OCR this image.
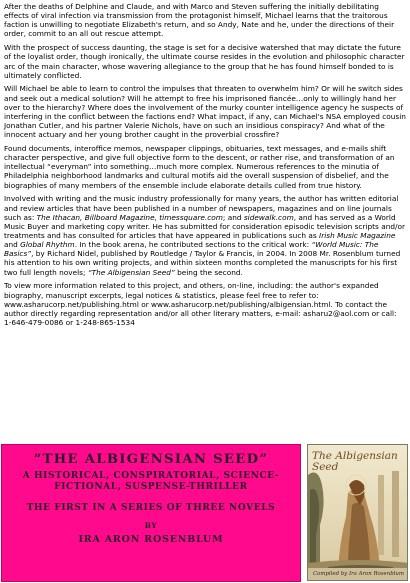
After the deaths of Delphine and Claude, and with Marco and Steven suffering the initially debilitating effects of viral infection via transmission from the protagonist himself, Michael learns that the traitorous faction is unwilling to negotiate Elizabeth's return, and so Andy, Nate and he, under the directions of their order, commit to an all out rescue attempt.

With the prospect of success daunting, the stage is set for a decisive watershed that may dictate the future of the loyalist order, though ironically, the ultimate course resides in the evolution and philosophic character arc of the main character, whose wavering allegiance to the group that he has found himself bonded to is ultimately conflicted.

Will Michael be able to learn to control the impulses that threaten to overwhelm him? Or will he switch sides and seek out a medical solution? Will he attempt to free his imprisoned fiancée…only to willingly hand her over to the hierarchy? Where does the involvement of the murky counter intelligence agency he suspects of interfering in the conflict between the factions end? What impact, if any, can Michael's NSA employed cousin Jonathan Cutler, and his partner Valerie Nichols, have on such an insidious conspiracy? And what of the innocent actuary and her young brother caught in the proverbial crossfire?

Found documents, interoffice memos, newspaper clippings, obituaries, text messages, and e-mails shift character perspective, and give full objective form to the descent, or rather rise, and transformation of an intellectual “everyman” into something…much more complex. Numerous references to the minutia of Philadelphia neighborhood landmarks and cultural motifs aid the overall suspension of disbelief, and the biographies of many members of the ensemble include elaborate details culled from true history.

Involved with writing and the music industry professionally for many years, the author has written editorial and review articles that have been published in a number of newspapers, magazines and on line journals such as: The Ithacan, Billboard Magazine, timessquare.com; and sidewalk.com, and has served as a World Music Buyer and marketing copy writer. He has submitted for consideration episodic television scripts and/or treatments and has consulted for articles that have appeared in publications such as Irish Music Magazine and Global Rhythm. In the book arena, he contributed sections to the critical work: “World Music: The Basics”, by Richard Nidel, published by Routledge / Taylor & Francis, in 2004. In 2008 Mr. Rosenblum turned his attention to his own writing projects, and within sixteen months completed the manuscripts for his first two full length novels; “The Albigensian Seed” being the second.

To view more information related to this project, and others, on-line, including: the author's expanded biography, manuscript excerpts, legal notices & statistics, please feel free to refer to: www.asharucorp.net/publishing.html or www.asharucorp.net/publishing/albigensian.html. To contact the author directly regarding representation and/or all other literary matters, e-mail: asharu2@aol.com or call: 1-646-479-0086 or 1-248-865-1534

“THE ALBIGENSIAN SEED”
A HISTORICAL, CONSPIRATORIAL, SCIENCE-FICTIONAL, SUSPENSE-THRILLER
THE FIRST IN A SERIES OF THREE NOVELS
BY
IRA ARON ROSENBLUM
The Albigensian Seed
Compiled by Ira Aron Rosenblum
